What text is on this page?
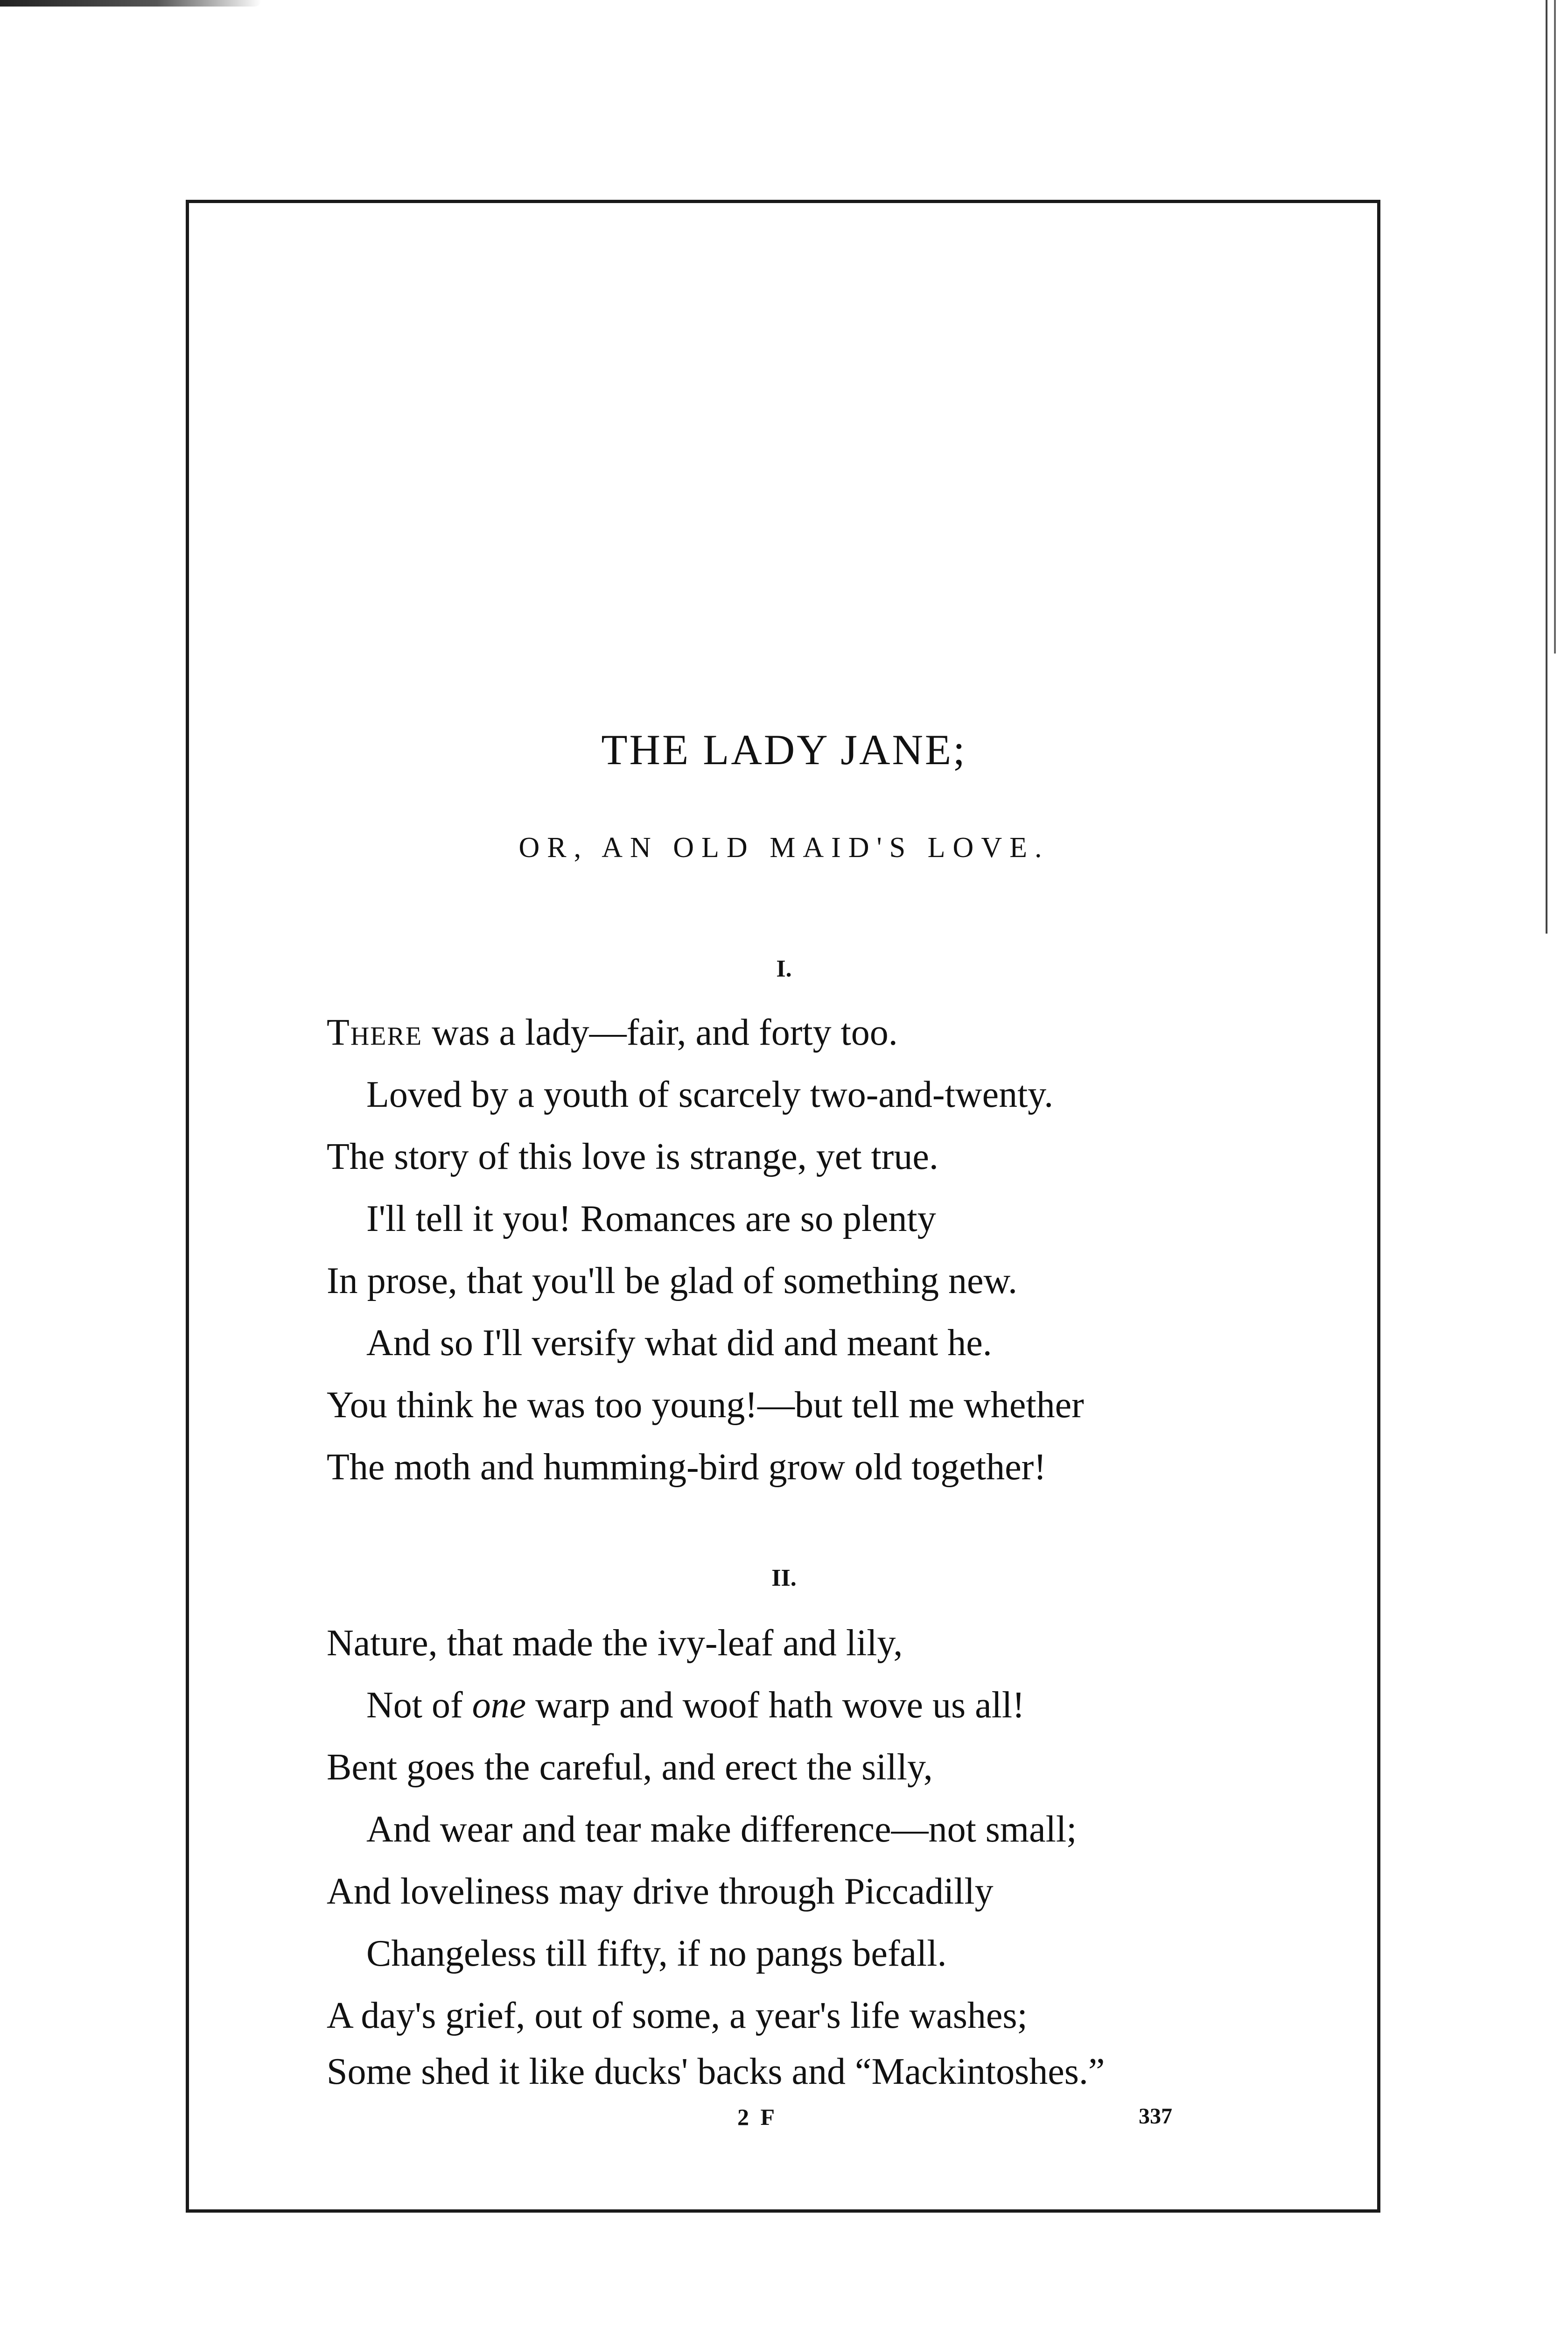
THE LADY JANE;
OR, AN OLD MAID'S LOVE.
I.
There was a lady—fair, and forty too.
Loved by a youth of scarcely two-and-twenty.
The story of this love is strange, yet true.
I'll tell it you! Romances are so plenty
In prose, that you'll be glad of something new.
And so I'll versify what did and meant he.
You think he was too young!—but tell me whether
The moth and humming-bird grow old together!
II.
Nature, that made the ivy-leaf and lily,
Not of one warp and woof hath wove us all!
Bent goes the careful, and erect the silly,
And wear and tear make difference—not small;
And loveliness may drive through Piccadilly
Changeless till fifty, if no pangs befall.
A day's grief, out of some, a year's life washes;
Some shed it like ducks' backs and “Mackintoshes.”
2 F	337
